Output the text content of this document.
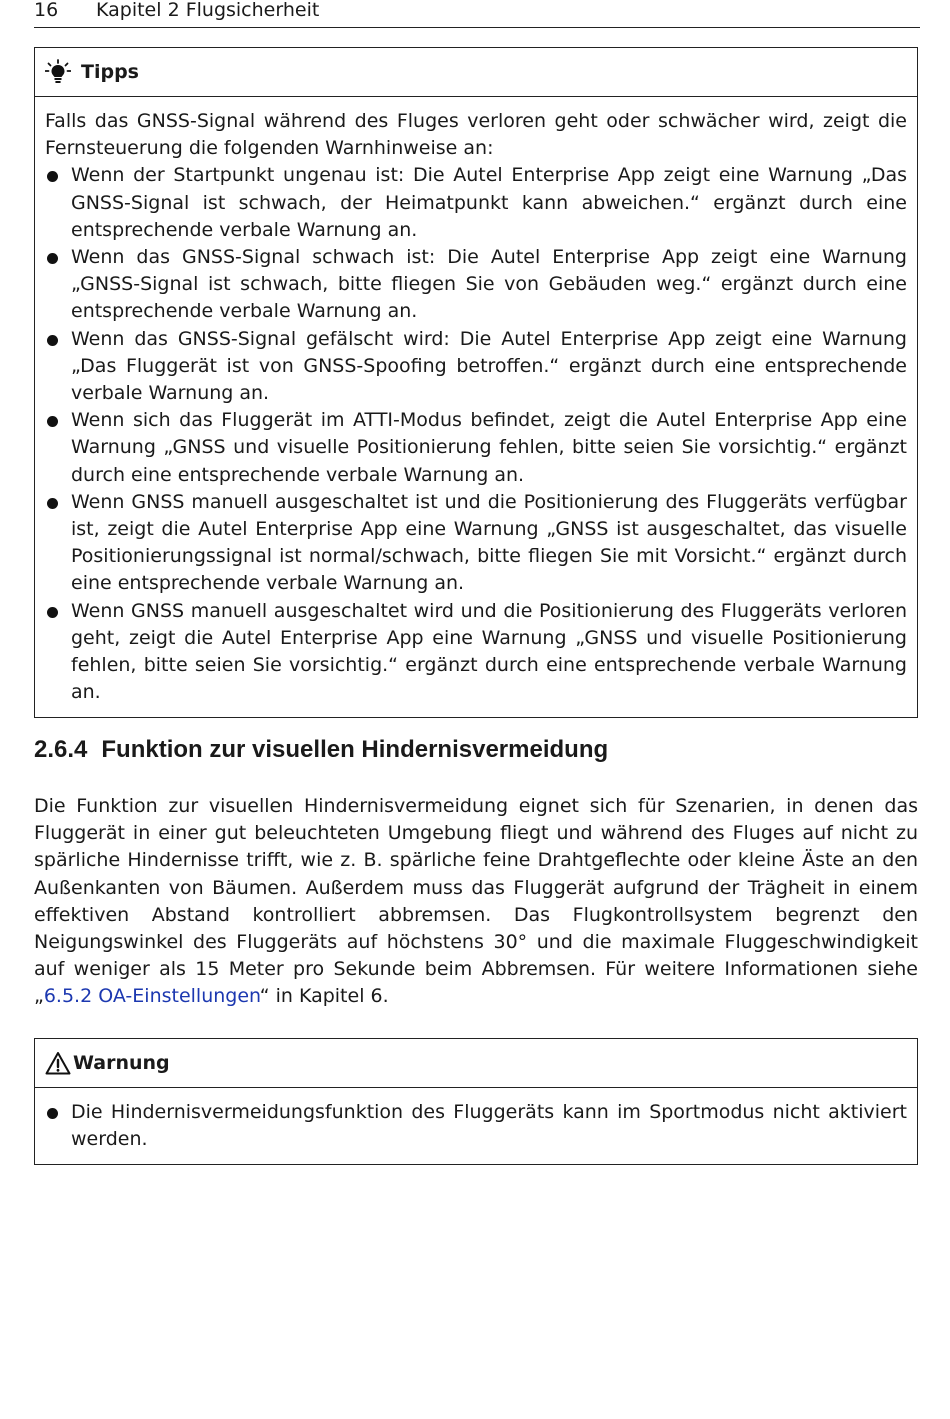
16	Kapitel 2 Flugsicherheit
Tipps

Falls das GNSS-Signal während des Fluges verloren geht oder schwächer wird, zeigt die Fernsteuerung die folgenden Warnhinweise an:

Wenn der Startpunkt ungenau ist: Die Autel Enterprise App zeigt eine Warnung „Das GNSS-Signal ist schwach, der Heimatpunkt kann abweichen.“ ergänzt durch eine entsprechende verbale Warnung an.
Wenn das GNSS-Signal schwach ist: Die Autel Enterprise App zeigt eine Warnung „GNSS-Signal ist schwach, bitte fliegen Sie von Gebäuden weg.“ ergänzt durch eine entsprechende verbale Warnung an.
Wenn das GNSS-Signal gefälscht wird: Die Autel Enterprise App zeigt eine Warnung „Das Fluggerät ist von GNSS-Spoofing betroffen.“ ergänzt durch eine entsprechende verbale Warnung an.
Wenn sich das Fluggerät im ATTI-Modus befindet, zeigt die Autel Enterprise App eine Warnung „GNSS und visuelle Positionierung fehlen, bitte seien Sie vorsichtig.“ ergänzt durch eine entsprechende verbale Warnung an.
Wenn GNSS manuell ausgeschaltet ist und die Positionierung des Fluggeräts verfügbar ist, zeigt die Autel Enterprise App eine Warnung „GNSS ist ausgeschaltet, das visuelle Positionierungssignal ist normal/schwach, bitte fliegen Sie mit Vorsicht.“ ergänzt durch eine entsprechende verbale Warnung an.
Wenn GNSS manuell ausgeschaltet wird und die Positionierung des Fluggeräts verloren geht, zeigt die Autel Enterprise App eine Warnung „GNSS und visuelle Positionierung fehlen, bitte seien Sie vorsichtig.“ ergänzt durch eine entsprechende verbale Warnung an.
2.6.4 Funktion zur visuellen Hindernisvermeidung

Die Funktion zur visuellen Hindernisvermeidung eignet sich für Szenarien, in denen das Fluggerät in einer gut beleuchteten Umgebung fliegt und während des Fluges auf nicht zu spärliche Hindernisse trifft, wie z. B. spärliche feine Drahtgeflechte oder kleine Äste an den Außenkanten von Bäumen. Außerdem muss das Fluggerät aufgrund der Trägheit in einem effektiven Abstand kontrolliert abbremsen. Das Flugkontrollsystem begrenzt den Neigungswinkel des Fluggeräts auf höchstens 30° und die maximale Fluggeschwindigkeit auf weniger als 15 Meter pro Sekunde beim Abbremsen. Für weitere Informationen siehe „6.5.2 OA-Einstellungen“ in Kapitel 6.

Warnung
Die Hindernisvermeidungsfunktion des Fluggeräts kann im Sportmodus nicht aktiviert werden.
